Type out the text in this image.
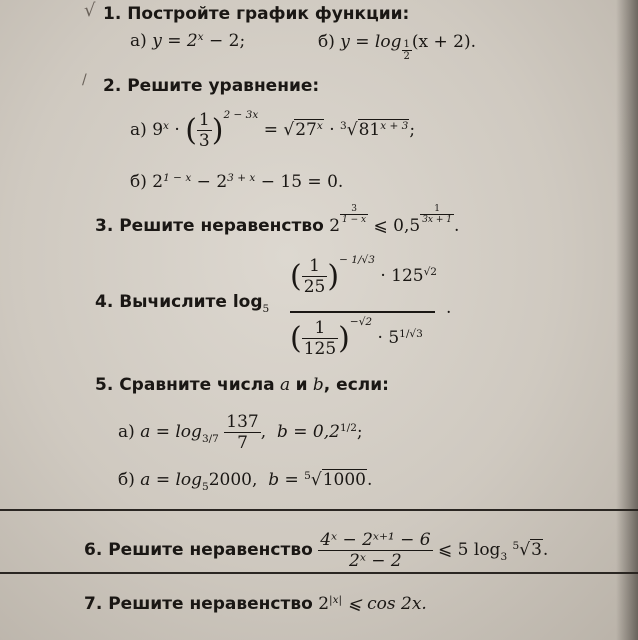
√
/
1. Постройте график функции:
а) $y = 2^x - 2$;	б) $y = \log \frac{1}{2} (x + 2)$.
2. Решите уравнение:
а) $9^x$ · ( $\frac{1}{3} )^{2 - 3x} = √27^x \cdot ^3√81^{x + 3}$;
б) $2^{1 - x} - 2^{3 + x} - 15 = 0$.
3. Решите неравенство 2
$\frac{3}{1 - x}$
⩽ 0,5
$\frac{1}{3x + 1}$
.
4. Вычислите $\log_5$
( $\frac{1}{25} )^{- 1/√3} \cdot 125^{√2}$
.
( $\frac{1}{125} )^{-√2} \cdot 5^{1/√3}$
5. Сравните числа a и b, если:
а) $a = \log_{3/7} \frac{137}{7}$ , $b = 0,2^{1/2}$;
б) $a = \log_52000$, b = $^5$√1000.
6. Решите неравенство $\frac{\text{4ˣ − 2ˣ⁺¹ − 6}}{\text{2ˣ − 2}}$ ⩽ 5 $\log_3 ^5√3$.
7. Решите неравенство $2^{|x|}$ ⩽ cos 2x.
